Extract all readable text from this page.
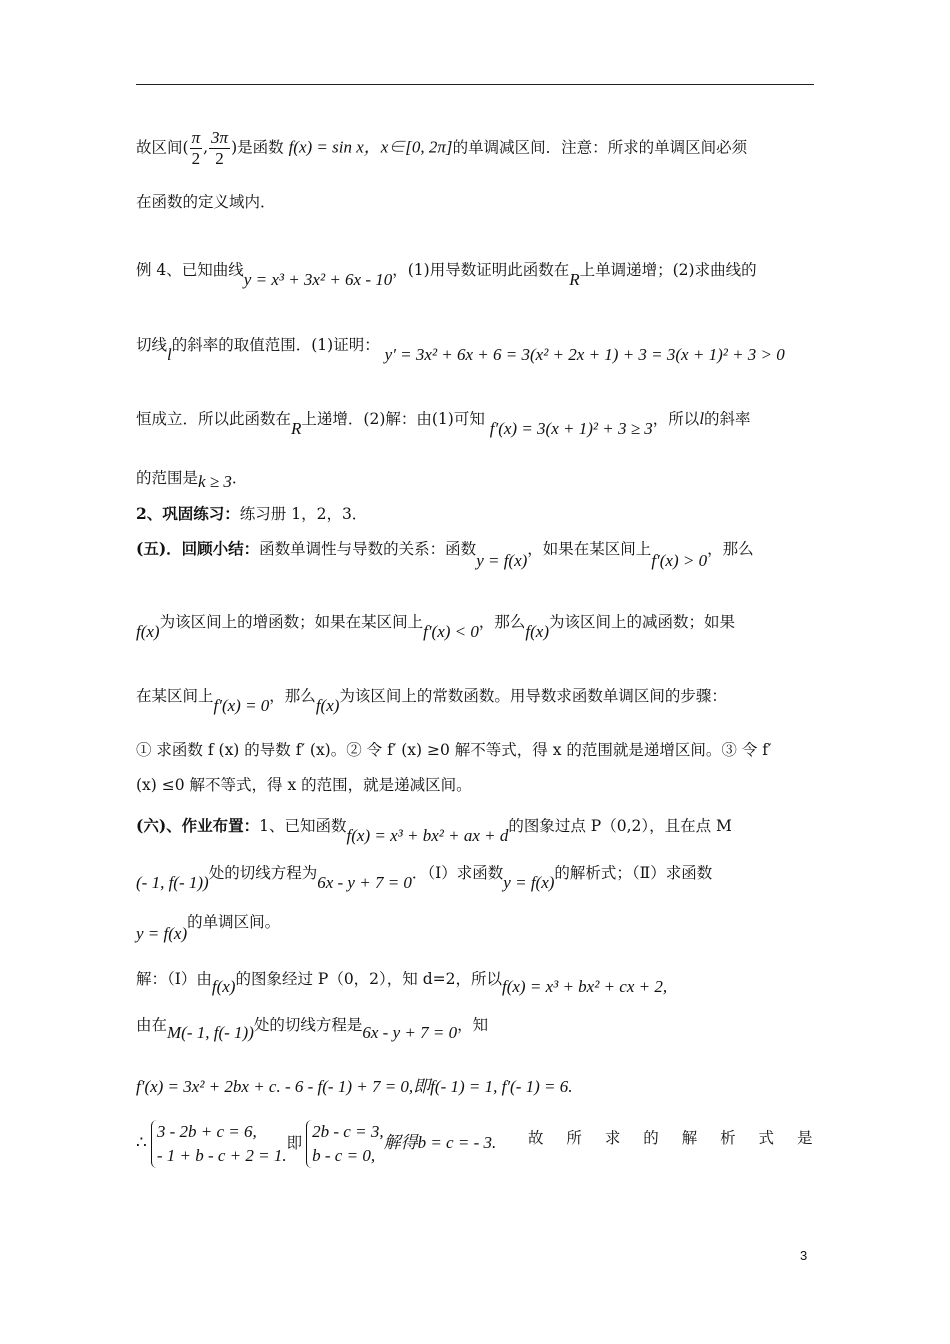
故区间( $\frac{\pi}{2}$ , $\frac{3\pi}{2}$ )是函数 f(x) = sin x，x∈[0, 2π]的单调减区间．注意：所求的单调区间必须
在函数的定义域内．
例 4、已知曲线y = x³ + 3x² + 6x - 10，(1)用导数证明此函数在R上单调递增；(2)求曲线的
切线l的斜率的取值范围．(1)证明： y′ = 3x² + 6x + 6 = 3(x² + 2x + 1) + 3 = 3(x + 1)² + 3 > 0
恒成立．所以此函数在R上递增．(2)解：由(1)可知 f′(x) = 3(x + 1)² + 3 ≥ 3，所以l的斜率
的范围是k ≥ 3．
2、巩固练习：练习册 1，2，3．
(五)．回顾小结：函数单调性与导数的关系：函数y = f(x)，如果在某区间上f′(x) > 0，那么
f(x)为该区间上的增函数；如果在某区间上f′(x) < 0，那么f(x)为该区间上的减函数；如果
在某区间上f′(x) = 0，那么f(x)为该区间上的常数函数。用导数求函数单调区间的步骤：
① 求函数 f (x) 的导数 f′ (x)。② 令 f′ (x) ≥0 解不等式，得 x 的范围就是递增区间。③ 令 f′
(x) ≤0 解不等式，得 x 的范围，就是递减区间。
(六)、作业布置：1、已知函数f(x) = x³ + bx² + ax + d的图象过点 P（0,2），且在点 M
(- 1, f(- 1))处的切线方程为6x - y + 7 = 0．（Ⅰ）求函数y = f(x)的解析式；（Ⅱ）求函数
y = f(x)的单调区间。
解：（Ⅰ）由f(x)的图象经过 P（0，2），知 d=2，所以f(x) = x³ + bx² + cx + 2,
由在M(- 1, f(- 1))处的切线方程是6x - y + 7 = 0，知
f′(x) = 3x² + 2bx + c. - 6 - f(- 1) + 7 = 0,即f(- 1) = 1, f′(- 1) = 6.
∴
3 - 2b + c = 6,
- 1 + b - c + 2 = 1.
即
2b - c = 3,
b - c = 0,
解得b = c = - 3. 故 所 求 的 解 析 式 是
3
